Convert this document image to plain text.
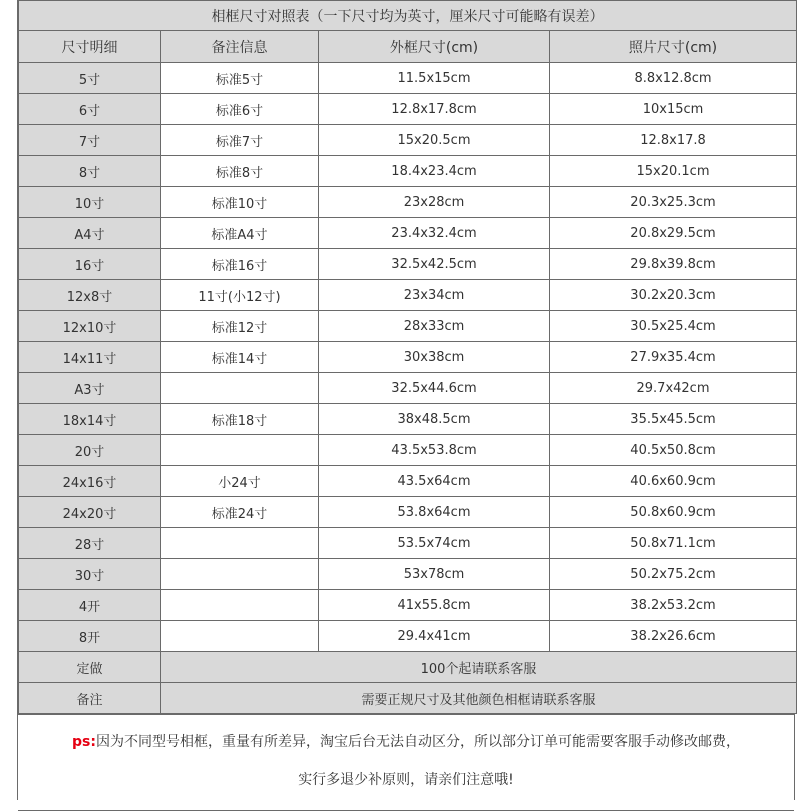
相框尺寸对照表（一下尺寸均为英寸，厘米尺寸可能略有误差）			
尺寸明细	备注信息	外框尺寸(cm)	照片尺寸(cm)
5寸	标准5寸	11.5x15cm	8.8x12.8cm
6寸	标准6寸	12.8x17.8cm	10x15cm
7寸	标准7寸	15x20.5cm	12.8x17.8
8寸	标准8寸	18.4x23.4cm	15x20.1cm
10寸	标准10寸	23x28cm	20.3x25.3cm
A4寸	标准A4寸	23.4x32.4cm	20.8x29.5cm
16寸	标准16寸	32.5x42.5cm	29.8x39.8cm
12x8寸	11寸(小12寸)	23x34cm	30.2x20.3cm
12x10寸	标准12寸	28x33cm	30.5x25.4cm
14x11寸	标准14寸	30x38cm	27.9x35.4cm
A3寸		32.5x44.6cm	29.7x42cm
18x14寸	标准18寸	38x48.5cm	35.5x45.5cm
20寸		43.5x53.8cm	40.5x50.8cm
24x16寸	小24寸	43.5x64cm	40.6x60.9cm
24x20寸	标准24寸	53.8x64cm	50.8x60.9cm
28寸		53.5x74cm	50.8x71.1cm
30寸		53x78cm	50.2x75.2cm
4开		41x55.8cm	38.2x53.2cm
8开		29.4x41cm	38.2x26.6cm
定做	100个起请联系客服		
备注	需要正规尺寸及其他颜色相框请联系客服		
ps:因为不同型号相框，重量有所差异，淘宝后台无法自动区分，所以部分订单可能需要客服手动修改邮费，
实行多退少补原则，请亲们注意哦!
